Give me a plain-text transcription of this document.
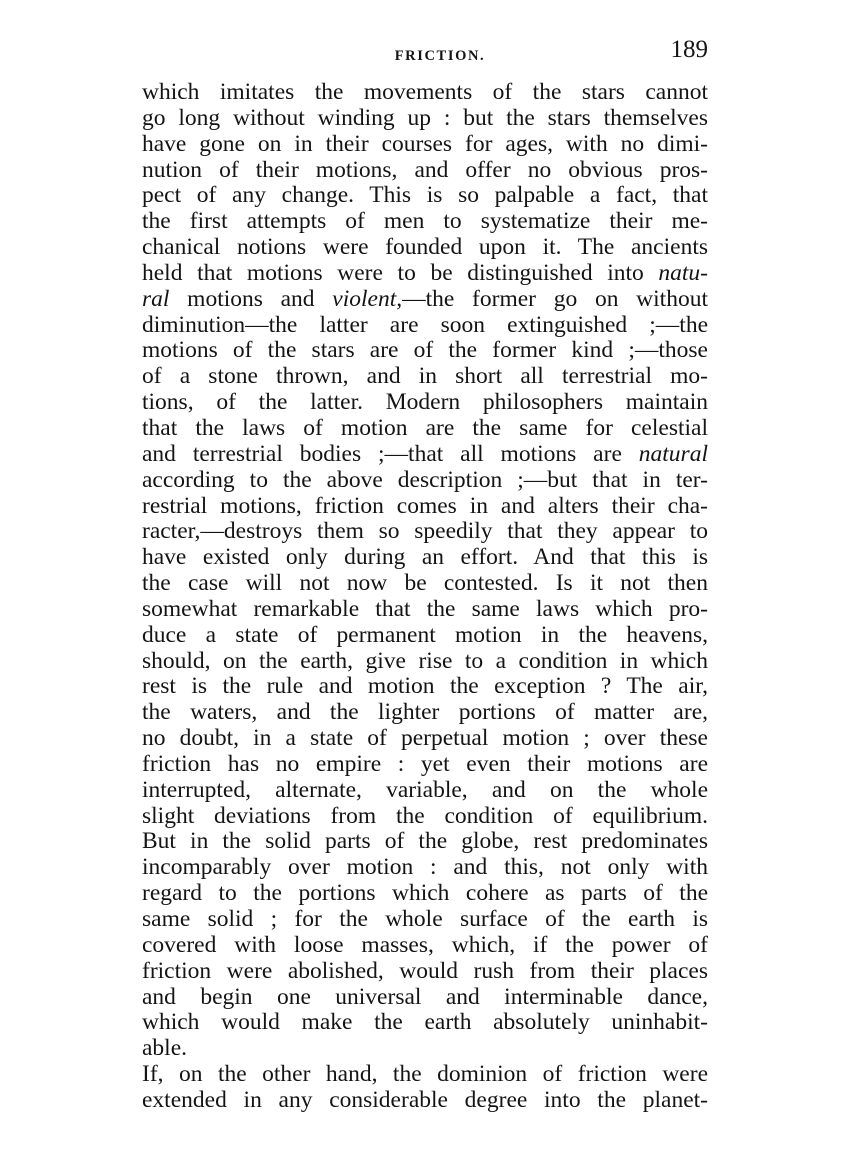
FRICTION.	189
which imitates the movements of the stars cannot
go long without winding up : but the stars themselves
have gone on in their courses for ages, with no dimi-
nution of their motions, and offer no obvious pros-
pect of any change. This is so palpable a fact, that
the first attempts of men to systematize their me-
chanical notions were founded upon it. The ancients
held that motions were to be distinguished into natu-
ral motions and violent,—the former go on without
diminution—the latter are soon extinguished ;—the
motions of the stars are of the former kind ;—those
of a stone thrown, and in short all terrestrial mo-
tions, of the latter. Modern philosophers maintain
that the laws of motion are the same for celestial
and terrestrial bodies ;—that all motions are natural
according to the above description ;—but that in ter-
restrial motions, friction comes in and alters their cha-
racter,—destroys them so speedily that they appear to
have existed only during an effort. And that this is
the case will not now be contested. Is it not then
somewhat remarkable that the same laws which pro-
duce a state of permanent motion in the heavens,
should, on the earth, give rise to a condition in which
rest is the rule and motion the exception ? The air,
the waters, and the lighter portions of matter are,
no doubt, in a state of perpetual motion ; over these
friction has no empire : yet even their motions are
interrupted, alternate, variable, and on the whole
slight deviations from the condition of equilibrium.
But in the solid parts of the globe, rest predominates
incomparably over motion : and this, not only with
regard to the portions which cohere as parts of the
same solid ; for the whole surface of the earth is
covered with loose masses, which, if the power of
friction were abolished, would rush from their places
and begin one universal and interminable dance,
which would make the earth absolutely uninhabit-
able.
If, on the other hand, the dominion of friction were
extended in any considerable degree into the planet-
